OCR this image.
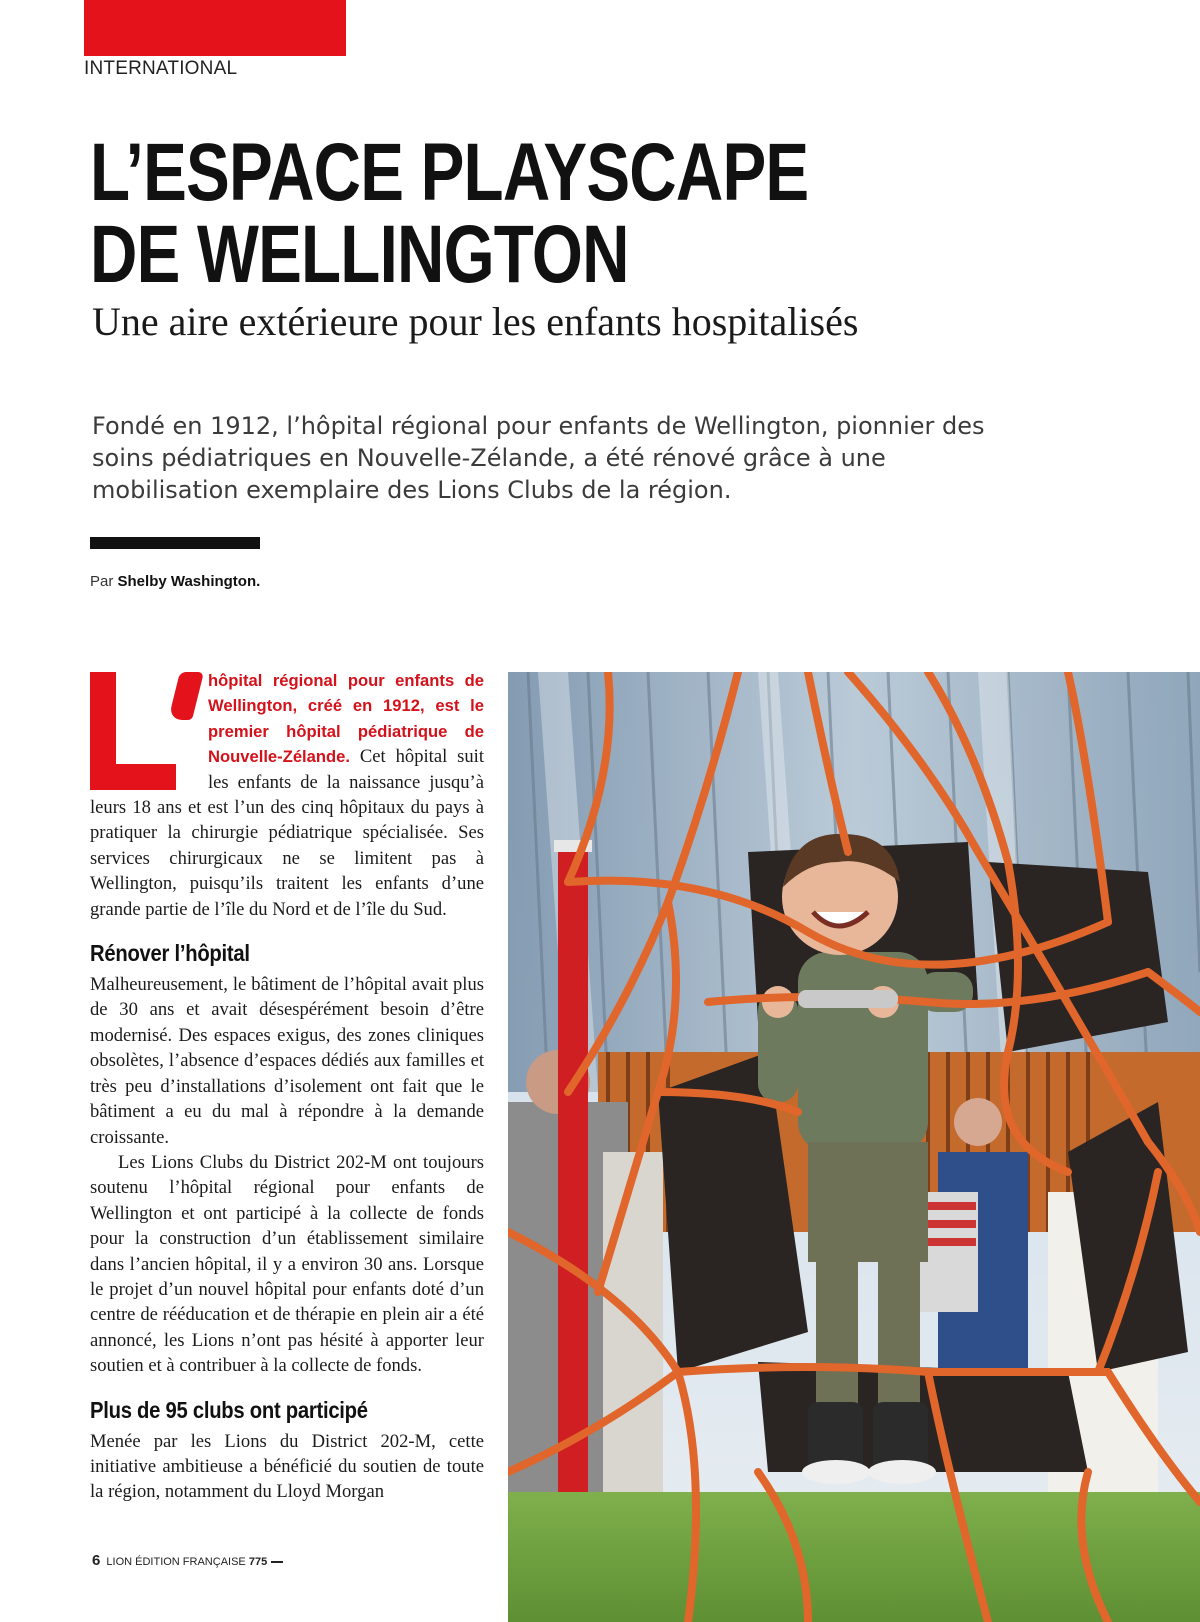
INTERNATIONAL
L’ESPACE PLAYSCAPE
DE WELLINGTON
Une aire extérieure pour les enfants hospitalisés

Fondé en 1912, l’hôpital régional pour enfants de Wellington, pionnier des soins pédiatriques en Nouvelle-Zélande, a été rénové grâce à une mobilisation exemplaire des Lions Clubs de la région.

Par Shelby Washington.

hôpital régional pour enfants de Wellington, créé en 1912, est le premier hôpital pédiatrique de Nouvelle-Zélande. Cet hôpital suit les enfants de la naissance jusqu’à leurs 18 ans et est l’un des cinq hôpitaux du pays à pratiquer la chirurgie pédiatrique spécialisée. Ses services chirurgicaux ne se limitent pas à Wellington, puisqu’ils traitent les enfants d’une grande partie de l’île du Nord et de l’île du Sud.

Rénover l’hôpital

Malheureusement, le bâtiment de l’hôpital avait plus de 30 ans et avait désespérément besoin d’être modernisé. Des espaces exigus, des zones cliniques obsolètes, l’absence d’espaces dédiés aux familles et très peu d’installations d’isolement ont fait que le bâtiment a eu du mal à répondre à la demande croissante.

Les Lions Clubs du District 202-M ont toujours soutenu l’hôpital régional pour enfants de Wellington et ont participé à la collecte de fonds pour la construction d’un établissement similaire dans l’ancien hôpital, il y a environ 30 ans. Lorsque le projet d’un nouvel hôpital pour enfants doté d’un centre de rééducation et de thérapie en plein air a été annoncé, les Lions n’ont pas hésité à apporter leur soutien et à contribuer à la collecte de fonds.

Plus de 95 clubs ont participé

Menée par les Lions du District 202-M, cette initiative ambitieuse a bénéficié du soutien de toute la région, notamment du Lloyd Morgan

6 LION ÉDITION FRANÇAISE 775
